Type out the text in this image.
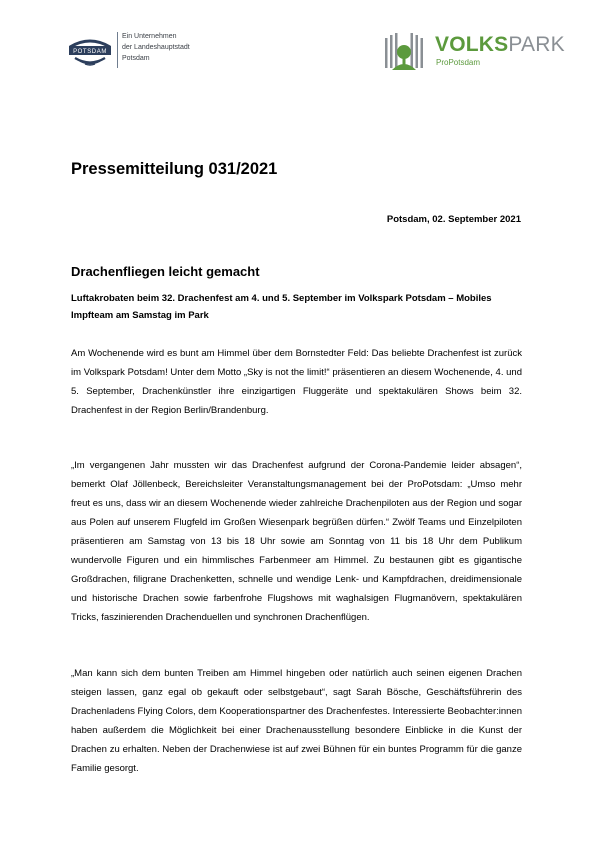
POTSDAM
Ein Unternehmen
der Landeshauptstadt
Potsdam
VOLKSPARK
ProPotsdam
Pressemitteilung 031/2021
Potsdam, 02. September 2021
Drachenfliegen leicht gemacht
Luftakrobaten beim 32. Drachenfest am 4. und 5. September im Volkspark Potsdam – Mobiles Impfteam am Samstag im Park

Am Wochenende wird es bunt am Himmel über dem Bornstedter Feld: Das beliebte Drachenfest ist zurück im Volkspark Potsdam! Unter dem Motto „Sky is not the limit!“ präsentieren an diesem Wochenende, 4. und 5. September, Drachenkünstler ihre einzigartigen Fluggeräte und spektakulären Shows beim 32. Drachenfest in der Region Berlin/Brandenburg.

„Im vergangenen Jahr mussten wir das Drachenfest aufgrund der Corona-Pandemie leider absagen“, bemerkt Olaf Jöllenbeck, Bereichsleiter Veranstaltungsmanagement bei der ProPotsdam: „Umso mehr freut es uns, dass wir an diesem Wochenende wieder zahlreiche Drachenpiloten aus der Region und sogar aus Polen auf unserem Flugfeld im Großen Wiesenpark begrüßen dürfen.“ Zwölf Teams und Einzelpiloten präsentieren am Samstag von 13 bis 18 Uhr sowie am Sonntag von 11 bis 18 Uhr dem Publikum wundervolle Figuren und ein himmlisches Farbenmeer am Himmel. Zu bestaunen gibt es gigantische Großdrachen, filigrane Drachenketten, schnelle und wendige Lenk- und Kampfdrachen, dreidimensionale und historische Drachen sowie farbenfrohe Flugshows mit waghalsigen Flugmanövern, spektakulären Tricks, faszinierenden Drachenduellen und synchronen Drachenflügen.

„Man kann sich dem bunten Treiben am Himmel hingeben oder natürlich auch seinen eigenen Drachen steigen lassen, ganz egal ob gekauft oder selbstgebaut“, sagt Sarah Bösche, Geschäftsführerin des Drachenladens Flying Colors, dem Kooperationspartner des Drachenfestes. Interessierte Beobachter:innen haben außerdem die Möglichkeit bei einer Drachenausstellung besondere Einblicke in die Kunst der Drachen zu erhalten. Neben der Drachenwiese ist auf zwei Bühnen für ein buntes Programm für die ganze Familie gesorgt.
